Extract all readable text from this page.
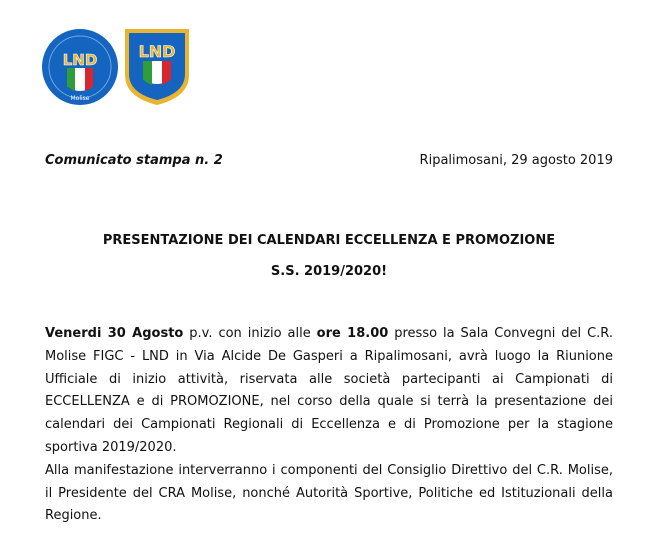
LND
Molise
LND
Comunicato stampa n. 2	Ripalimosani, 29 agosto 2019
PRESENTAZIONE DEI CALENDARI ECCELLENZA E PROMOZIONE
S.S. 2019/2020!

Venerdi 30 Agosto p.v. con inizio alle ore 18.00 presso la Sala Convegni del C.R. Molise FIGC - LND in Via Alcide De Gasperi a Ripalimosani, avrà luogo la Riunione Ufficiale di inizio attività, riservata alle società partecipanti ai Campionati di ECCELLENZA e di PROMOZIONE, nel corso della quale si terrà la presentazione dei calendari dei Campionati Regionali di Eccellenza e di Promozione per la stagione sportiva 2019/2020.

Alla manifestazione interverranno i componenti del Consiglio Direttivo del C.R. Molise, il Presidente del CRA Molise, nonché Autorità Sportive, Politiche ed Istituzionali della Regione.
